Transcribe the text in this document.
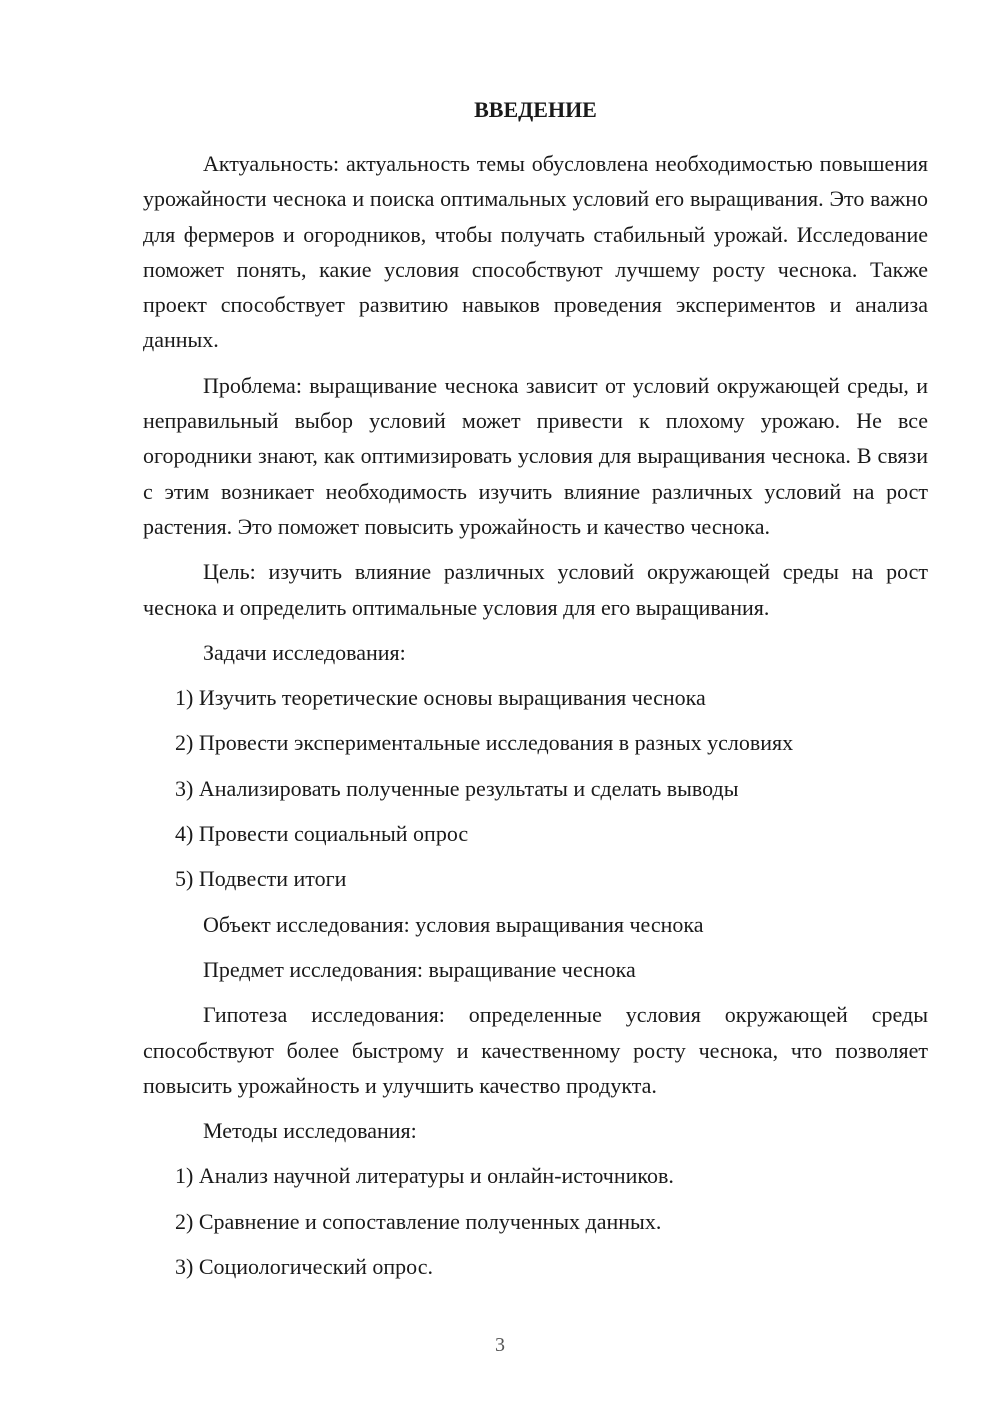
ВВЕДЕНИЕ

Актуальность: актуальность темы обусловлена необходимостью повышения урожайности чеснока и поиска оптимальных условий его выращивания. Это важно для фермеров и огородников, чтобы получать стабильный урожай. Исследование поможет понять, какие условия способствуют лучшему росту чеснока. Также проект способствует развитию навыков проведения экспериментов и анализа данных.

Проблема: выращивание чеснока зависит от условий окружающей среды, и неправильный выбор условий может привести к плохому урожаю. Не все огородники знают, как оптимизировать условия для выращивания чеснока. В связи с этим возникает необходимость изучить влияние различных условий на рост растения. Это поможет повысить урожайность и качество чеснока.

Цель: изучить влияние различных условий окружающей среды на рост чеснока и определить оптимальные условия для его выращивания.

Задачи исследования:
1) Изучить теоретические основы выращивания чеснока
2) Провести экспериментальные исследования в разных условиях
3) Анализировать полученные результаты и сделать выводы
4) Провести социальный опрос
5) Подвести итоги
Объект исследования: условия выращивания чеснока
Предмет исследования: выращивание чеснока

Гипотеза исследования: определенные условия окружающей среды способствуют более быстрому и качественному росту чеснока, что позволяет повысить урожайность и улучшить качество продукта.

Методы исследования:
1) Анализ научной литературы и онлайн-источников.
2) Сравнение и сопоставление полученных данных.
3) Социологический опрос.
3
